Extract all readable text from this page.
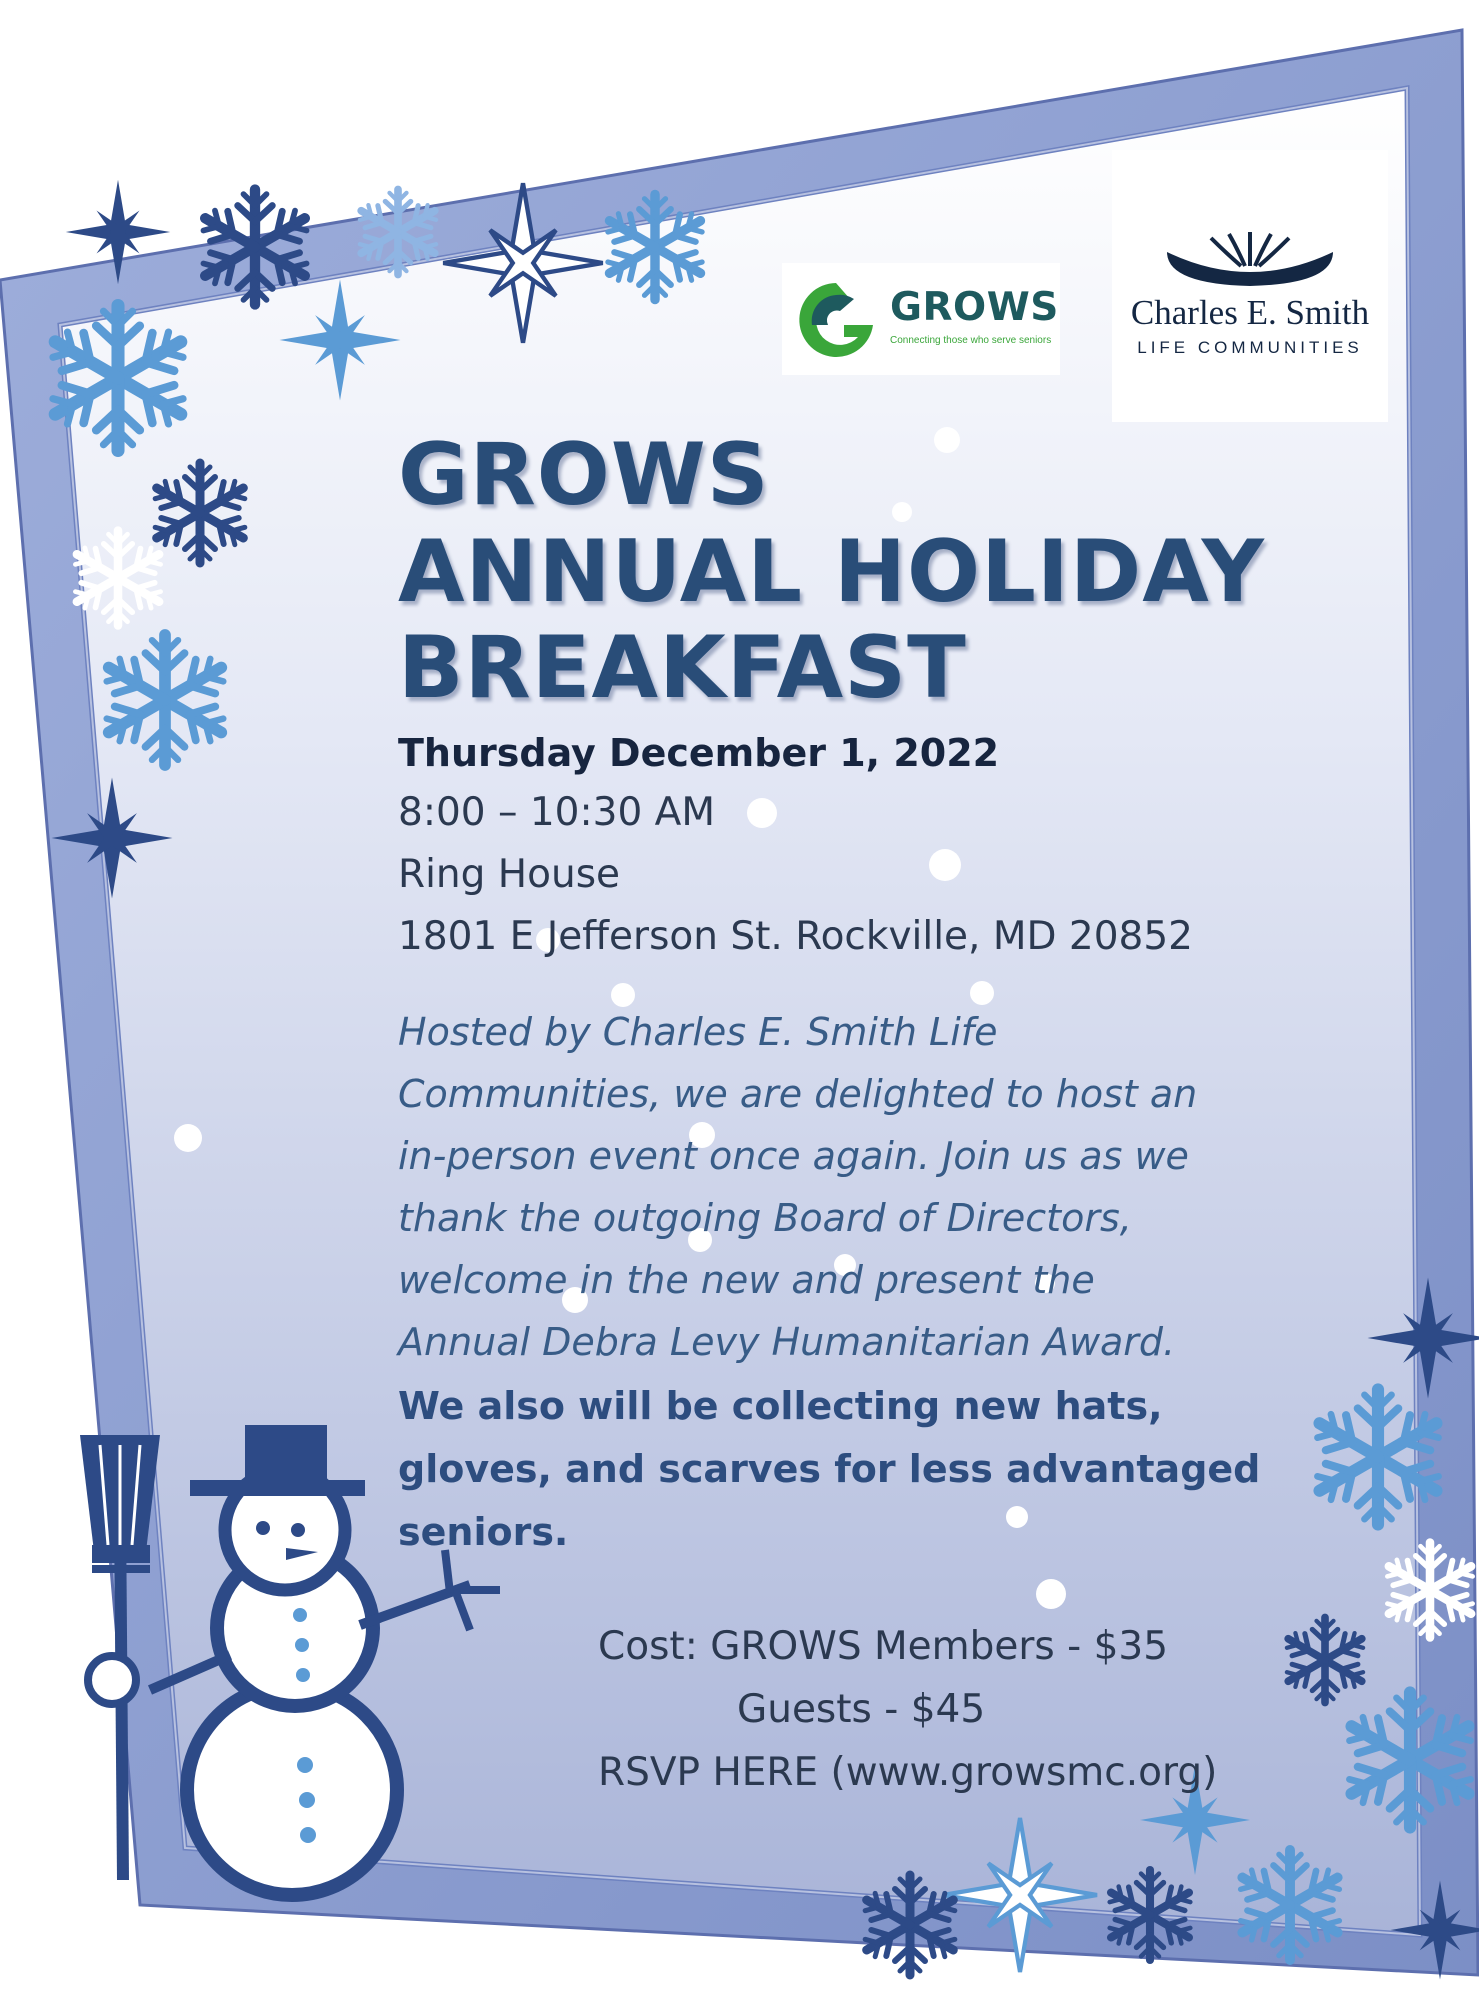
GROWS
Connecting those who serve seniors
Charles E. Smith
LIFE COMMUNITIES
GROWS
ANNUAL HOLIDAY
BREAKFAST
Thursday December 1, 2022
8:00 – 10:30 AM
Ring House
1801 E Jefferson St. Rockville, MD 20852
Hosted by Charles E. Smith Life
Communities, we are delighted to host an
in-person event once again. Join us as we
thank the outgoing Board of Directors,
welcome in the new and present the
Annual Debra Levy Humanitarian Award.
We also will be collecting new hats,
gloves, and scarves for less advantaged
seniors.
Cost: GROWS Members - $35
Guests - $45
RSVP HERE (www.growsmc.org)
